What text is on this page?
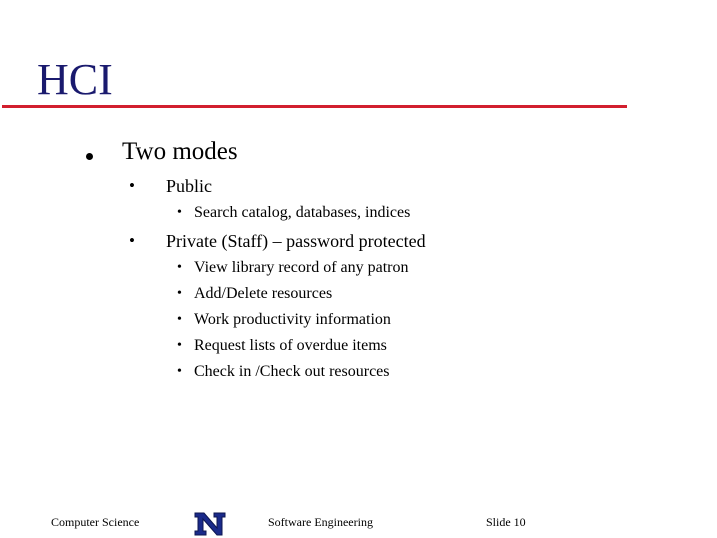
HCI
Two modes
• Public
• Search catalog, databases, indices
• Private (Staff) – password protected
• View library record of any patron
• Add/Delete resources
• Work productivity information
• Request lists of overdue items
• Check in /Check out resources
Computer Science	Software Engineering	Slide 10
